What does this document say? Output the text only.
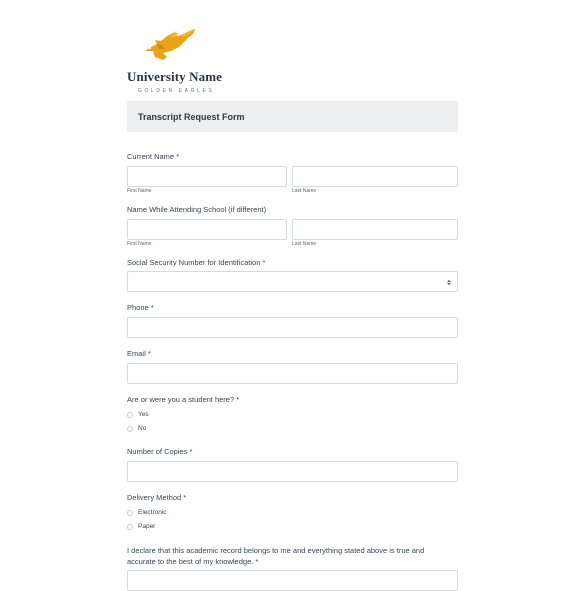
University Name
GOLDEN EAGLES
Transcript Request Form
Current Name *
First Name	Last Name
Name While Attending School (if different)
First Name	Last Name
Social Security Number for Identification *
Phone *
Email *
Are or were you a student here? *
Yes
No
Number of Copies *
Delivery Method *
Electronic
Paper
I declare that this academic record belongs to me and everything stated above is true and
accurate to the best of my knowledge. *
